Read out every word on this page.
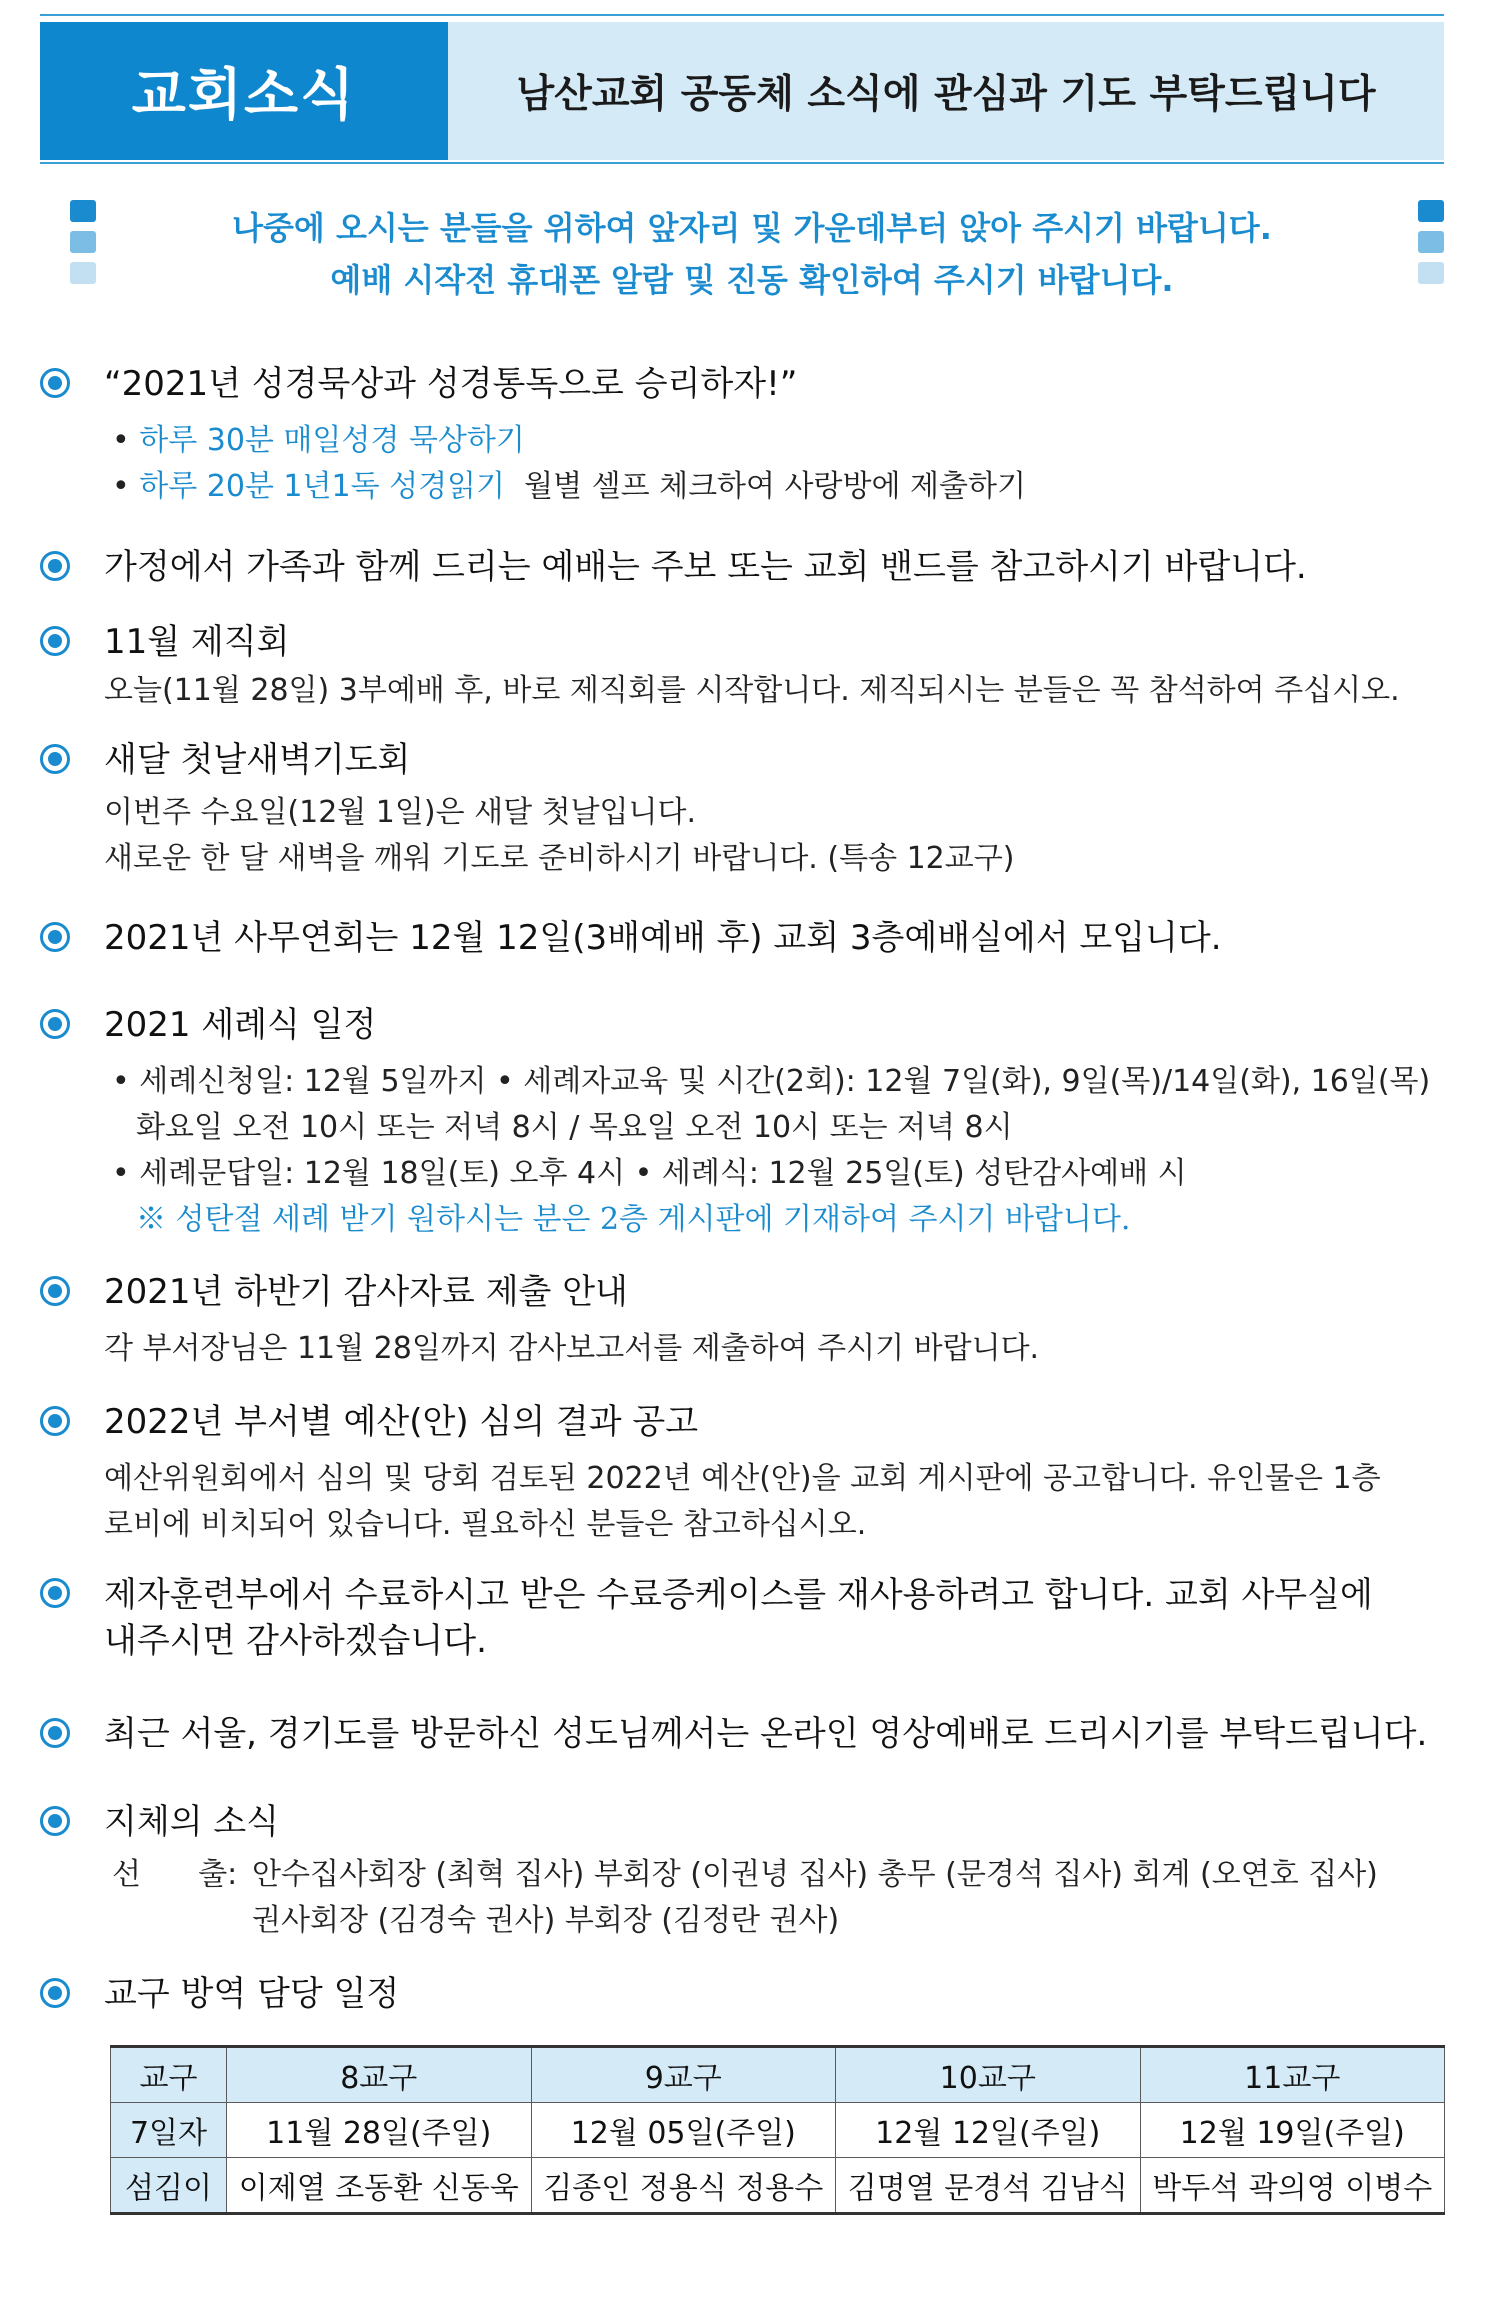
교회소식	남산교회 공동체 소식에 관심과 기도 부탁드립니다
나중에 오시는 분들을 위하여 앞자리 및 가운데부터 앉아 주시기 바랍니다.
예배 시작전 휴대폰 알람 및 진동 확인하여 주시기 바랍니다.
“2021년 성경묵상과 성경통독으로 승리하자!”
• 하루 30분 매일성경 묵상하기
• 하루 20분 1년1독 성경읽기 월별 셀프 체크하여 사랑방에 제출하기
가정에서 가족과 함께 드리는 예배는 주보 또는 교회 밴드를 참고하시기 바랍니다.
11월 제직회
오늘(11월 28일) 3부예배 후, 바로 제직회를 시작합니다. 제직되시는 분들은 꼭 참석하여 주십시오.
새달 첫날새벽기도회
이번주 수요일(12월 1일)은 새달 첫날입니다.
새로운 한 달 새벽을 깨워 기도로 준비하시기 바랍니다. (특송 12교구)
2021년 사무연회는 12월 12일(3배예배 후) 교회 3층예배실에서 모입니다.
2021 세례식 일정
• 세례신청일: 12월 5일까지 • 세례자교육 및 시간(2회): 12월 7일(화), 9일(목)/14일(화), 16일(목)
화요일 오전 10시 또는 저녁 8시 / 목요일 오전 10시 또는 저녁 8시
• 세례문답일: 12월 18일(토) 오후 4시 • 세례식: 12월 25일(토) 성탄감사예배 시
※ 성탄절 세례 받기 원하시는 분은 2층 게시판에 기재하여 주시기 바랍니다.
2021년 하반기 감사자료 제출 안내
각 부서장님은 11월 28일까지 감사보고서를 제출하여 주시기 바랍니다.
2022년 부서별 예산(안) 심의 결과 공고
예산위원회에서 심의 및 당회 검토된 2022년 예산(안)을 교회 게시판에 공고합니다. 유인물은 1층
로비에 비치되어 있습니다. 필요하신 분들은 참고하십시오.
제자훈련부에서 수료하시고 받은 수료증케이스를 재사용하려고 합니다. 교회 사무실에
내주시면 감사하겠습니다.
최근 서울, 경기도를 방문하신 성도님께서는 온라인 영상예배로 드리시기를 부탁드립니다.
지체의 소식
선      출: 안수집사회장 (최혁 집사) 부회장 (이권녕 집사) 총무 (문경석 집사) 회계 (오연호 집사)
권사회장 (김경숙 권사) 부회장 (김정란 권사)
교구 방역 담당 일정
교구	8교구	9교구	10교구	11교구
7일자	11월 28일(주일)	12월 05일(주일)	12월 12일(주일)	12월 19일(주일)
섬김이	이제열 조동환 신동욱	김종인 정용식 정용수	김명열 문경석 김남식	박두석 곽의영 이병수
